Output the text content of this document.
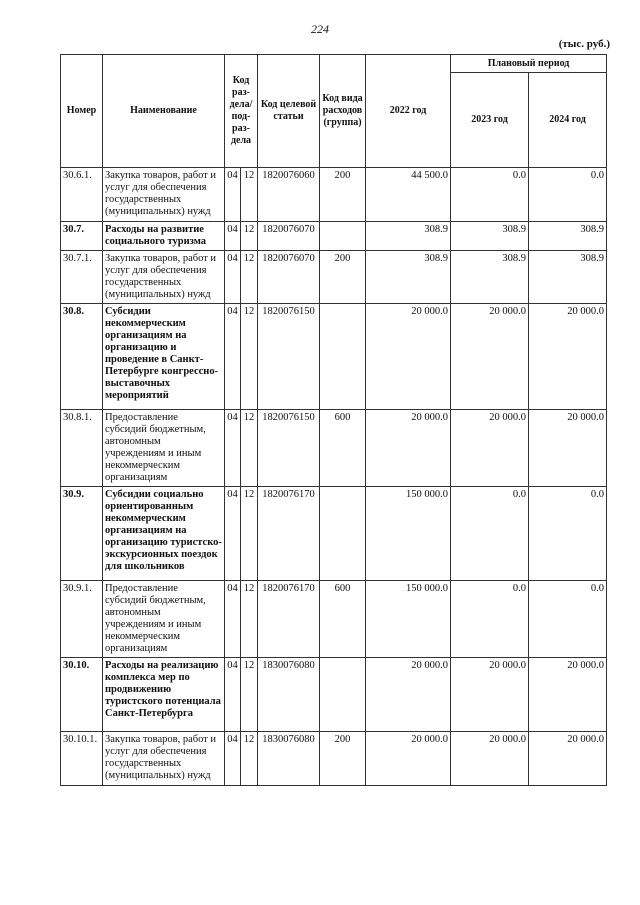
224
(тыс. руб.)
Номер	Наименование	Код раз-дела/ под-раз-дела		Код целевой статьи	Код вида расходов (группа)	2022 год	Плановый период	
							2023 год	2024 год
30.6.1.	Закупка товаров, работ и услуг для обеспечения государственных (муниципальных) нужд	04	12	1820076060	200	44 500.0	0.0	0.0
30.7.	Расходы на развитие социального туризма	04	12	1820076070		308.9	308.9	308.9
30.7.1.	Закупка товаров, работ и услуг для обеспечения государственных (муниципальных) нужд	04	12	1820076070	200	308.9	308.9	308.9
30.8.	Субсидии некоммерческим организациям на организацию и проведение в Санкт-Петербурге конгрессно-выставочных мероприятий	04	12	1820076150		20 000.0	20 000.0	20 000.0
30.8.1.	Предоставление субсидий бюджетным, автономным учреждениям и иным некоммерческим организациям	04	12	1820076150	600	20 000.0	20 000.0	20 000.0
30.9.	Субсидии социально ориентированным некоммерческим организациям на организацию туристско-экскурсионных поездок для школьников	04	12	1820076170		150 000.0	0.0	0.0
30.9.1.	Предоставление субсидий бюджетным, автономным учреждениям и иным некоммерческим организациям	04	12	1820076170	600	150 000.0	0.0	0.0
30.10.	Расходы на реализацию комплекса мер по продвижению туристского потенциала Санкт-Петербурга	04	12	1830076080		20 000.0	20 000.0	20 000.0
30.10.1.	Закупка товаров, работ и услуг для обеспечения государственных (муниципальных) нужд	04	12	1830076080	200	20 000.0	20 000.0	20 000.0
